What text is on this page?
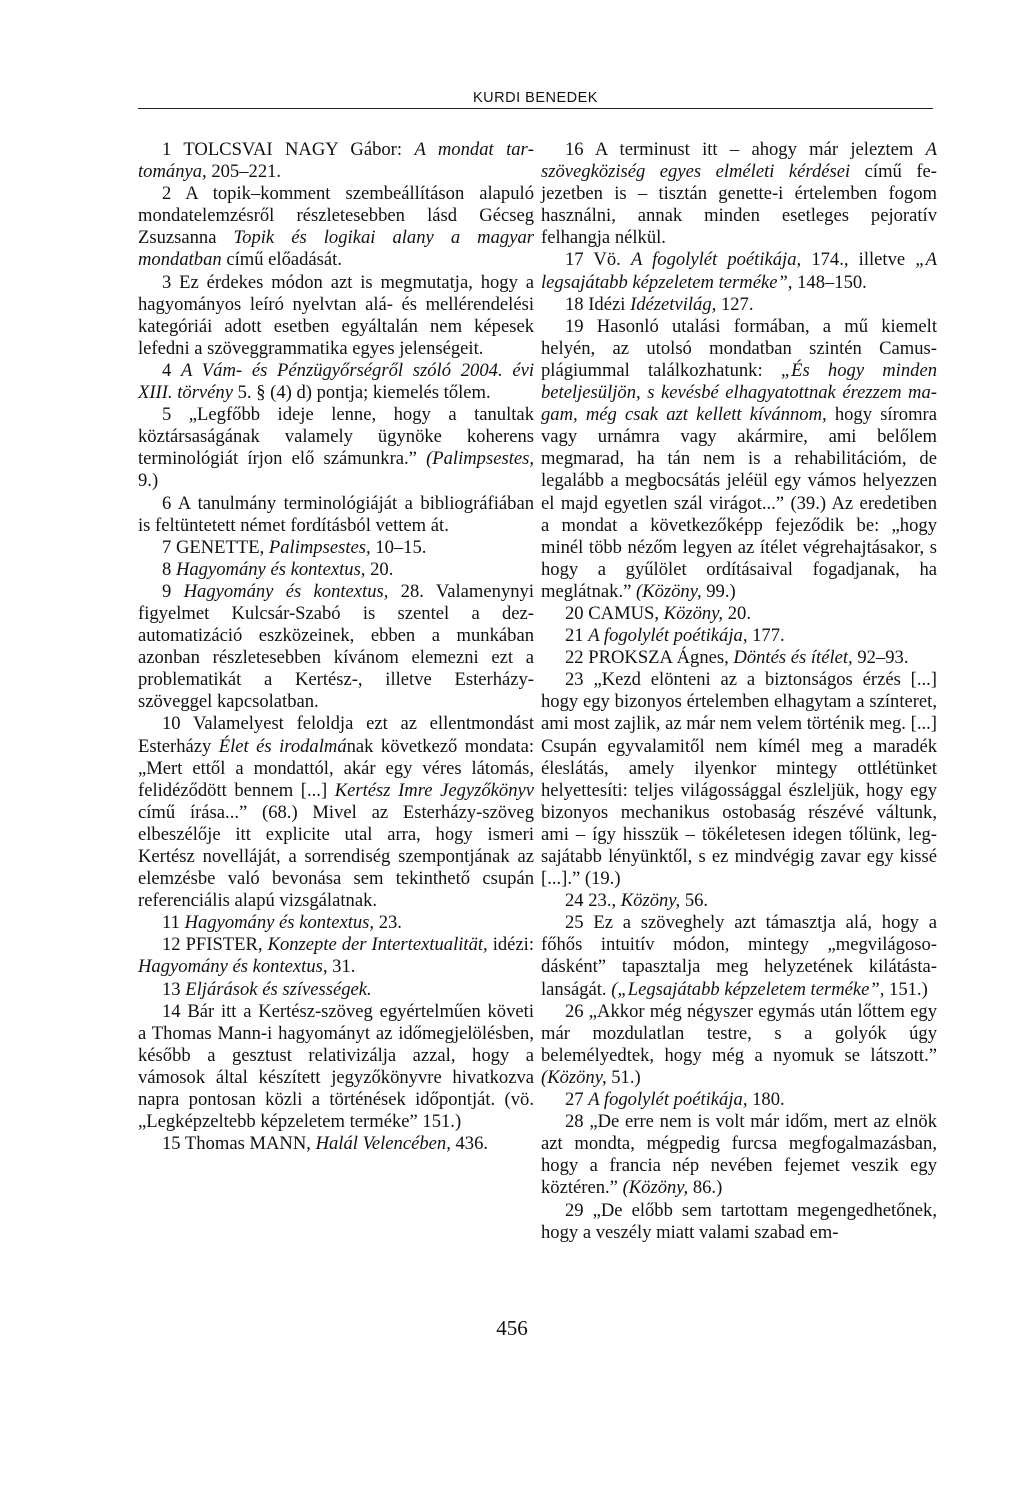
KURDI BENEDEK

1 TOLCSVAI NAGY Gábor: A mondat tartománya, 205–221.

2 A topik–komment szembeállításon alapuló mondatelemzésről részletesebben lásd Gécseg Zsuzsanna Topik és logikai alany a magyar mondatban című előadását.

3 Ez érdekes módon azt is megmutatja, hogy a hagyományos leíró nyelvtan alá- és mellérendelési kategóriái adott esetben egyáltalán nem képesek lefedni a szöveggrammatika egyes jelenségeit.

4 A Vám- és Pénzügyőrségről szóló 2004. évi XIII. törvény 5. § (4) d) pontja; kiemelés tőlem.

5 „Legfőbb ideje lenne, hogy a tanultak köztársaságának valamely ügynöke koherens terminológiát írjon elő számunkra.” (Palimpsestes, 9.)

6 A tanulmány terminológiáját a bibliográfiában is feltüntetett német fordításból vettem át.

7 GENETTE, Palimpsestes, 10–15.

8 Hagyomány és kontextus, 20.

9 Hagyomány és kontextus, 28. Valamenynyi figyelmet Kulcsár-Szabó is szentel a dezautomatizáció eszközeinek, ebben a munkában azonban részletesebben kívánom elemezni ezt a problematikát a Kertész-, illetve Esterházy-szöveggel kapcsolatban.

10 Valamelyest feloldja ezt az ellentmondást Esterházy Élet és irodalmának következő mondata: „Mert ettől a mondattól, akár egy véres látomás, felidéződött bennem [...] Kertész Imre Jegyzőkönyv című írása...” (68.) Mivel az Esterházy-szöveg elbeszélője itt explicite utal arra, hogy ismeri Kertész novelláját, a sorrendiség szempontjának az elemzésbe való bevonása sem tekinthető csupán referenciális alapú vizsgálatnak.

11 Hagyomány és kontextus, 23.

12 PFISTER, Konzepte der Intertextualität, idézi: Hagyomány és kontextus, 31.

13 Eljárások és szívességek.

14 Bár itt a Kertész-szöveg egyértelműen követi a Thomas Mann-i hagyományt az időmegjelölésben, később a gesztust relativizálja azzal, hogy a vámosok által készített jegyzőkönyvre hivatkozva napra pontosan közli a történések időpontját. (vö. „Legképzeltebb képzeletem terméke” 151.)

15 Thomas MANN, Halál Velencében, 436.

16 A terminust itt – ahogy már jeleztem A szövegköziség egyes elméleti kérdései című fejezetben is – tisztán genette-i értelemben fogom használni, annak minden esetleges pejoratív felhangja nélkül.

17 Vö. A fogolylét poétikája, 174., illetve „A legsajátabb képzeletem terméke”, 148–150.

18 Idézi Idézetvilág, 127.

19 Hasonló utalási formában, a mű kiemelt helyén, az utolsó mondatban szintén Camusplágiummal találkozhatunk: „És hogy minden beteljesüljön, s kevésbé elhagyatottnak érezzem magam, még csak azt kellett kívánnom, hogy síromra vagy urnámra vagy akármire, ami belőlem megmarad, ha tán nem is a rehabilitációm, de legalább a megbocsátás jeléül egy vámos helyezzen el majd egyetlen szál virágot...” (39.) Az eredetiben a mondat a következőképp fejeződik be: „hogy minél több nézőm legyen az ítélet végrehajtásakor, s hogy a gyűlölet ordításaival fogadjanak, ha meglátnak.” (Közöny, 99.)

20 CAMUS, Közöny, 20.

21 A fogolylét poétikája, 177.

22 PROKSZA Ágnes, Döntés és ítélet, 92–93.

23 „Kezd elönteni az a biztonságos érzés [...] hogy egy bizonyos értelemben elhagytam a színteret, ami most zajlik, az már nem velem történik meg. [...] Csupán egyvalamitől nem kímél meg a maradék éleslátás, amely ilyenkor mintegy ottlétünket helyettesíti: teljes világossággal észleljük, hogy egy bizonyos mechanikus ostobaság részévé váltunk, ami – így hisszük – tökéletesen idegen tőlünk, legsajátabb lényünktől, s ez mindvégig zavar egy kissé [...].” (19.)

24 23., Közöny, 56.

25 Ez a szöveghely azt támasztja alá, hogy a főhős intuitív módon, mintegy „megvilágosodásként” tapasztalja meg helyzetének kilátástalanságát. („Legsajátabb képzeletem terméke”, 151.)

26 „Akkor még négyszer egymás után lőttem egy már mozdulatlan testre, s a golyók úgy belemélyedtek, hogy még a nyomuk se látszott.” (Közöny, 51.)

27 A fogolylét poétikája, 180.

28 „De erre nem is volt már időm, mert az elnök azt mondta, mégpedig furcsa megfogalmazásban, hogy a francia nép nevében fejemet veszik egy köztéren.” (Közöny, 86.)

29 „De előbb sem tartottam megengedhetőnek, hogy a veszély miatt valami szabad em-

456
